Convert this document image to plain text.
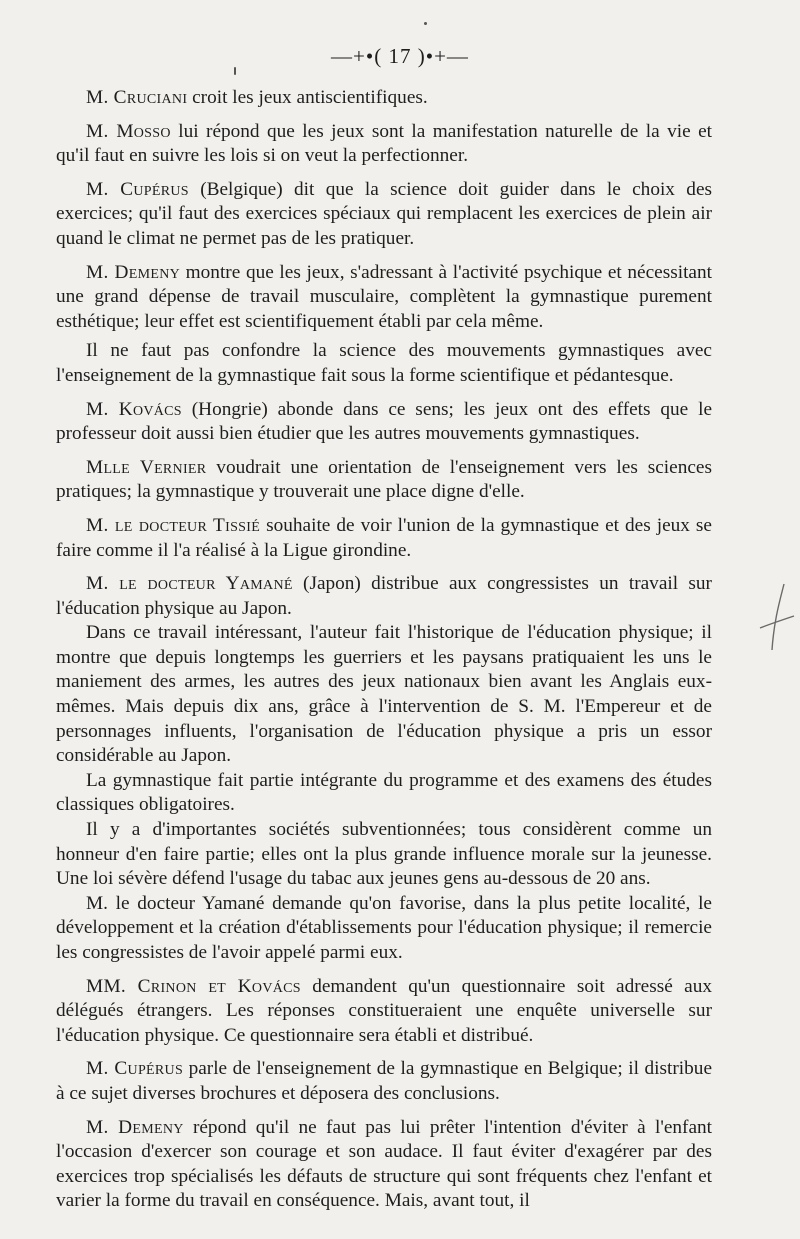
—+•( 17 )•+—

M. Cruciani croit les jeux antiscientifiques.

M. Mosso lui répond que les jeux sont la manifestation naturelle de la vie et qu'il faut en suivre les lois si on veut la perfectionner.

M. Cupérus (Belgique) dit que la science doit guider dans le choix des exercices; qu'il faut des exercices spéciaux qui remplacent les exercices de plein air quand le climat ne permet pas de les pratiquer.

M. Demeny montre que les jeux, s'adressant à l'activité psychique et nécessitant une grand dépense de travail musculaire, complètent la gymnastique purement esthétique; leur effet est scientifiquement établi par cela même.

Il ne faut pas confondre la science des mouvements gymnastiques avec l'enseignement de la gymnastique fait sous la forme scientifique et pédantesque.

M. Kovács (Hongrie) abonde dans ce sens; les jeux ont des effets que le professeur doit aussi bien étudier que les autres mouvements gymnastiques.

Mlle Vernier voudrait une orientation de l'enseignement vers les sciences pratiques; la gymnastique y trouverait une place digne d'elle.

M. le docteur Tissié souhaite de voir l'union de la gymnastique et des jeux se faire comme il l'a réalisé à la Ligue girondine.

M. le docteur Yamané (Japon) distribue aux congressistes un travail sur l'éducation physique au Japon.

Dans ce travail intéressant, l'auteur fait l'historique de l'éducation physique; il montre que depuis longtemps les guerriers et les paysans pratiquaient les uns le maniement des armes, les autres des jeux nationaux bien avant les Anglais eux-mêmes. Mais depuis dix ans, grâce à l'intervention de S. M. l'Empereur et de personnages influents, l'organisation de l'éducation physique a pris un essor considérable au Japon.

La gymnastique fait partie intégrante du programme et des examens des études classiques obligatoires.

Il y a d'importantes sociétés subventionnées; tous considèrent comme un honneur d'en faire partie; elles ont la plus grande influence morale sur la jeunesse. Une loi sévère défend l'usage du tabac aux jeunes gens au-dessous de 20 ans.

M. le docteur Yamané demande qu'on favorise, dans la plus petite localité, le développement et la création d'établissements pour l'éducation physique; il remercie les congressistes de l'avoir appelé parmi eux.

MM. Crinon et Kovács demandent qu'un questionnaire soit adressé aux délégués étrangers. Les réponses constitueraient une enquête universelle sur l'éducation physique. Ce questionnaire sera établi et distribué.

M. Cupérus parle de l'enseignement de la gymnastique en Belgique; il distribue à ce sujet diverses brochures et déposera des conclusions.

M. Demeny répond qu'il ne faut pas lui prêter l'intention d'éviter à l'enfant l'occasion d'exercer son courage et son audace. Il faut éviter d'exagérer par des exercices trop spécialisés les défauts de structure qui sont fréquents chez l'enfant et varier la forme du travail en conséquence. Mais, avant tout, il
